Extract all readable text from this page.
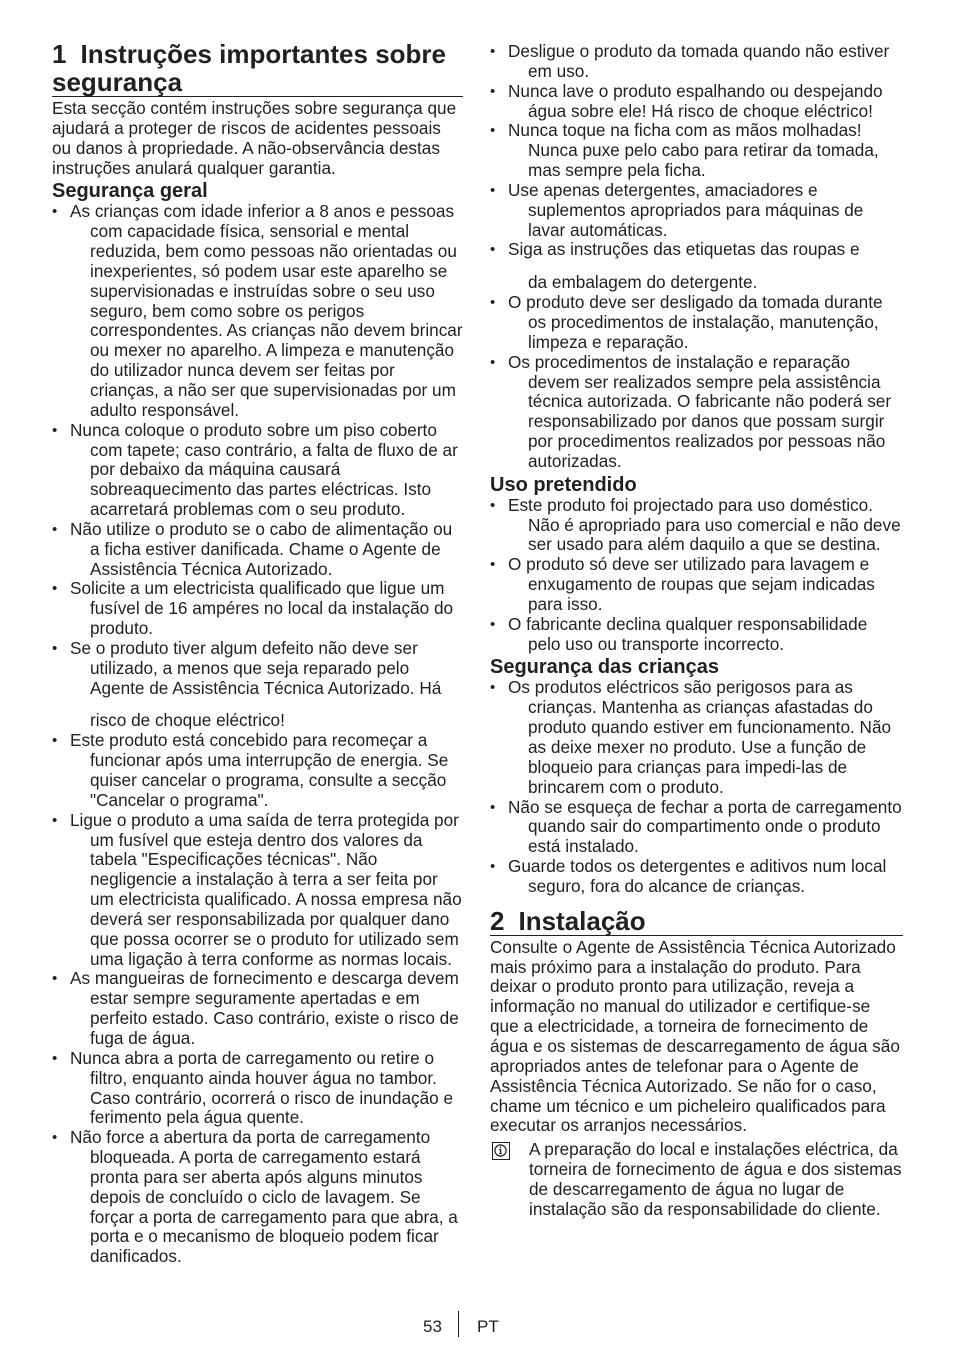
1 Instruções importantes sobre segurança

Esta secção contém instruções sobre segurança que ajudará a proteger de riscos de acidentes pessoais ou danos à propriedade. A não-observância destas instruções anulará qualquer garantia.

Segurança geral
• As crianças com idade inferior a 8 anos e pessoas com capacidade física, sensorial e mental reduzida, bem como pessoas não orientadas ou inexperientes, só podem usar este aparelho se supervisionadas e instruídas sobre o seu uso seguro, bem como sobre os perigos correspondentes. As crianças não devem brincar ou mexer no aparelho. A limpeza e manutenção do utilizador nunca devem ser feitas por crianças, a não ser que supervisionadas por um adulto responsável.
• Nunca coloque o produto sobre um piso coberto com tapete; caso contrário, a falta de fluxo de ar por debaixo da máquina causará sobreaquecimento das partes eléctricas. Isto acarretará problemas com o seu produto.
• Não utilize o produto se o cabo de alimentação ou a ficha estiver danificada. Chame o Agente de Assistência Técnica Autorizado.
• Solicite a um electricista qualificado que ligue um fusível de 16 ampéres no local da instalação do produto.
• Se o produto tiver algum defeito não deve ser utilizado, a menos que seja reparado pelo Agente de Assistência Técnica Autorizado. Há
risco de choque eléctrico!
• Este produto está concebido para recomeçar a funcionar após uma interrupção de energia. Se quiser cancelar o programa, consulte a secção "Cancelar o programa".
• Ligue o produto a uma saída de terra protegida por um fusível que esteja dentro dos valores da tabela "Especificações técnicas". Não negligencie a instalação à terra a ser feita por um electricista qualificado. A nossa empresa não deverá ser responsabilizada por qualquer dano que possa ocorrer se o produto for utilizado sem uma ligação à terra conforme as normas locais.
• As mangueiras de fornecimento e descarga devem estar sempre seguramente apertadas e em perfeito estado. Caso contrário, existe o risco de fuga de água.
• Nunca abra a porta de carregamento ou retire o filtro, enquanto ainda houver água no tambor. Caso contrário, ocorrerá o risco de inundação e ferimento pela água quente.
• Não force a abertura da porta de carregamento bloqueada. A porta de carregamento estará pronta para ser aberta após alguns minutos depois de concluído o ciclo de lavagem. Se forçar a porta de carregamento para que abra, a porta e o mecanismo de bloqueio podem ficar danificados.
• Desligue o produto da tomada quando não estiver em uso.
• Nunca lave o produto espalhando ou despejando água sobre ele! Há risco de choque eléctrico!
• Nunca toque na ficha com as mãos molhadas! Nunca puxe pelo cabo para retirar da tomada, mas sempre pela ficha.
• Use apenas detergentes, amaciadores e suplementos apropriados para máquinas de lavar automáticas.
• Siga as instruções das etiquetas das roupas e
da embalagem do detergente.
• O produto deve ser desligado da tomada durante os procedimentos de instalação, manutenção, limpeza e reparação.
• Os procedimentos de instalação e reparação devem ser realizados sempre pela assistência técnica autorizada. O fabricante não poderá ser responsabilizado por danos que possam surgir por procedimentos realizados por pessoas não autorizadas.
Uso pretendido
• Este produto foi projectado para uso doméstico. Não é apropriado para uso comercial e não deve ser usado para além daquilo a que se destina.
• O produto só deve ser utilizado para lavagem e enxugamento de roupas que sejam indicadas para isso.
• O fabricante declina qualquer responsabilidade pelo uso ou transporte incorrecto.
Segurança das crianças
• Os produtos eléctricos são perigosos para as crianças. Mantenha as crianças afastadas do produto quando estiver em funcionamento. Não as deixe mexer no produto. Use a função de bloqueio para crianças para impedi-las de brincarem com o produto.
• Não se esqueça de fechar a porta de carregamento quando sair do compartimento onde o produto está instalado.
• Guarde todos os detergentes e aditivos num local seguro, fora do alcance de crianças.
2 Instalação

Consulte o Agente de Assistência Técnica Autorizado mais próximo para a instalação do produto. Para deixar o produto pronto para utilização, reveja a informação no manual do utilizador e certifique-se que a electricidade, a torneira de fornecimento de água e os sistemas de descarregamento de água são apropriados antes de telefonar para o Agente de Assistência Técnica Autorizado. Se não for o caso, chame um técnico e um picheleiro qualificados para executar os arranjos necessários.

A preparação do local e instalações eléctrica, da torneira de fornecimento de água e dos sistemas de descarregamento de água no lugar de instalação são da responsabilidade do cliente.
53 PT
